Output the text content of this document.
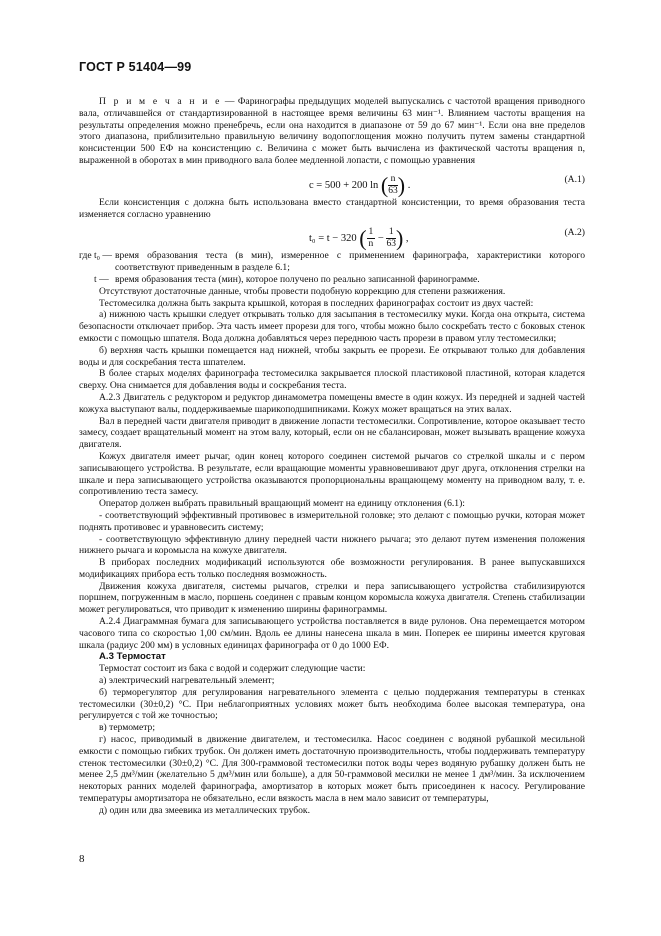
ГОСТ Р 51404—99

П р и м е ч а н и е — Фаринографы предыдущих моделей выпускались с частотой вращения приводного вала, отличавшейся от стандартизированной в настоящее время величины 63 мин⁻¹. Влиянием частоты вращения на результаты определения можно пренебречь, если она находится в диапазоне от 59 до 67 мин⁻¹. Если она вне пределов этого диапазона, приблизительно правильную величину водопоглощения можно получить путем замены стандартной консистенции 500 ЕФ на консистенцию c. Величина c может быть вычислена из фактической частоты вращения n, выраженной в оборотах в мин приводного вала более медленной лопасти, с помощью уравнения

c = 500 + 200 ln ( $\frac{n}{63}$ ) .
(A.1)

Если консистенция c должна быть использована вместо стандартной консистенции, то время образования теста изменяется согласно уравнению

t₀ = t − 320 ( $\frac{1}{n} - \frac{1}{63}$ ) ,
(A.2)
где t₀ — время образования теста (в мин), измеренное с применением фаринографа, характеристики которого соответствуют приведенным в разделе 6.1;

t — время образования теста (мин), которое получено по реально записанной фаринограмме.

Отсутствуют достаточные данные, чтобы провести подобную коррекцию для степени разжижения.

Тестомесилка должна быть закрыта крышкой, которая в последних фаринографах состоит из двух частей:

а) нижнюю часть крышки следует открывать только для засыпания в тестомесилку муки. Когда она открыта, система безопасности отключает прибор. Эта часть имеет прорези для того, чтобы можно было соскребать тесто с боковых стенок емкости с помощью шпателя. Вода должна добавляться через переднюю часть прорези в правом углу тестомесилки;

б) верхняя часть крышки помещается над нижней, чтобы закрыть ее прорези. Ее открывают только для добавления воды и для соскребания теста шпателем.

В более старых моделях фаринографа тестомесилка закрывается плоской пластиковой пластиной, которая кладется сверху. Она снимается для добавления воды и соскребания теста.

А.2.3 Двигатель с редуктором и редуктор динамометра помещены вместе в один кожух. Из передней и задней частей кожуха выступают валы, поддерживаемые шарикоподшипниками. Кожух может вращаться на этих валах.

Вал в передней части двигателя приводит в движение лопасти тестомесилки. Сопротивление, которое оказывает тесто замесу, создает вращательный момент на этом валу, который, если он не сбалансирован, может вызывать вращение кожуха двигателя.

Кожух двигателя имеет рычаг, один конец которого соединен системой рычагов со стрелкой шкалы и с пером записывающего устройства. В результате, если вращающие моменты уравновешивают друг друга, отклонения стрелки на шкале и пера записывающего устройства оказываются пропорциональны вращающему моменту на приводном валу, т. е. сопротивлению теста замесу.

Оператор должен выбрать правильный вращающий момент на единицу отклонения (6.1):

- соответствующий эффективный противовес в измерительной головке; это делают с помощью ручки, которая может поднять противовес и уравновесить систему;

- соответствующую эффективную длину передней части нижнего рычага; это делают путем изменения положения нижнего рычага и коромысла на кожухе двигателя.

В приборах последних модификаций используются обе возможности регулирования. В ранее выпускавшихся модификациях прибора есть только последняя возможность.

Движения кожуха двигателя, системы рычагов, стрелки и пера записывающего устройства стабилизируются поршнем, погруженным в масло, поршень соединен с правым концом коромысла кожуха двигателя. Степень стабилизации может регулироваться, что приводит к изменению ширины фаринограммы.

А.2.4 Диаграммная бумага для записывающего устройства поставляется в виде рулонов. Она перемещается мотором часового типа со скоростью 1,00 см/мин. Вдоль ее длины нанесена шкала в мин. Поперек ее ширины имеется круговая шкала (радиус 200 мм) в условных единицах фаринографа от 0 до 1000 ЕФ.

А.3 Термостат

Термостат состоит из бака с водой и содержит следующие части:

а) электрический нагревательный элемент;

б) терморегулятор для регулирования нагревательного элемента с целью поддержания температуры в стенках тестомесилки (30±0,2) °С. При неблагоприятных условиях может быть необходима более высокая температура, она регулируется с той же точностью;

в) термометр;

г) насос, приводимый в движение двигателем, и тестомесилка. Насос соединен с водяной рубашкой месильной емкости с помощью гибких трубок. Он должен иметь достаточную производительность, чтобы поддерживать температуру стенок тестомесилки (30±0,2) °С. Для 300-граммовой тестомесилки поток воды через водяную рубашку должен быть не менее 2,5 дм³/мин (желательно 5 дм³/мин или больше), а для 50-граммовой месилки не менее 1 дм³/мин. За исключением некоторых ранних моделей фаринографа, амортизатор в которых может быть присоединен к насосу. Регулирование температуры амортизатора не обязательно, если вязкость масла в нем мало зависит от температуры,

д) один или два змеевика из металлических трубок.

8
